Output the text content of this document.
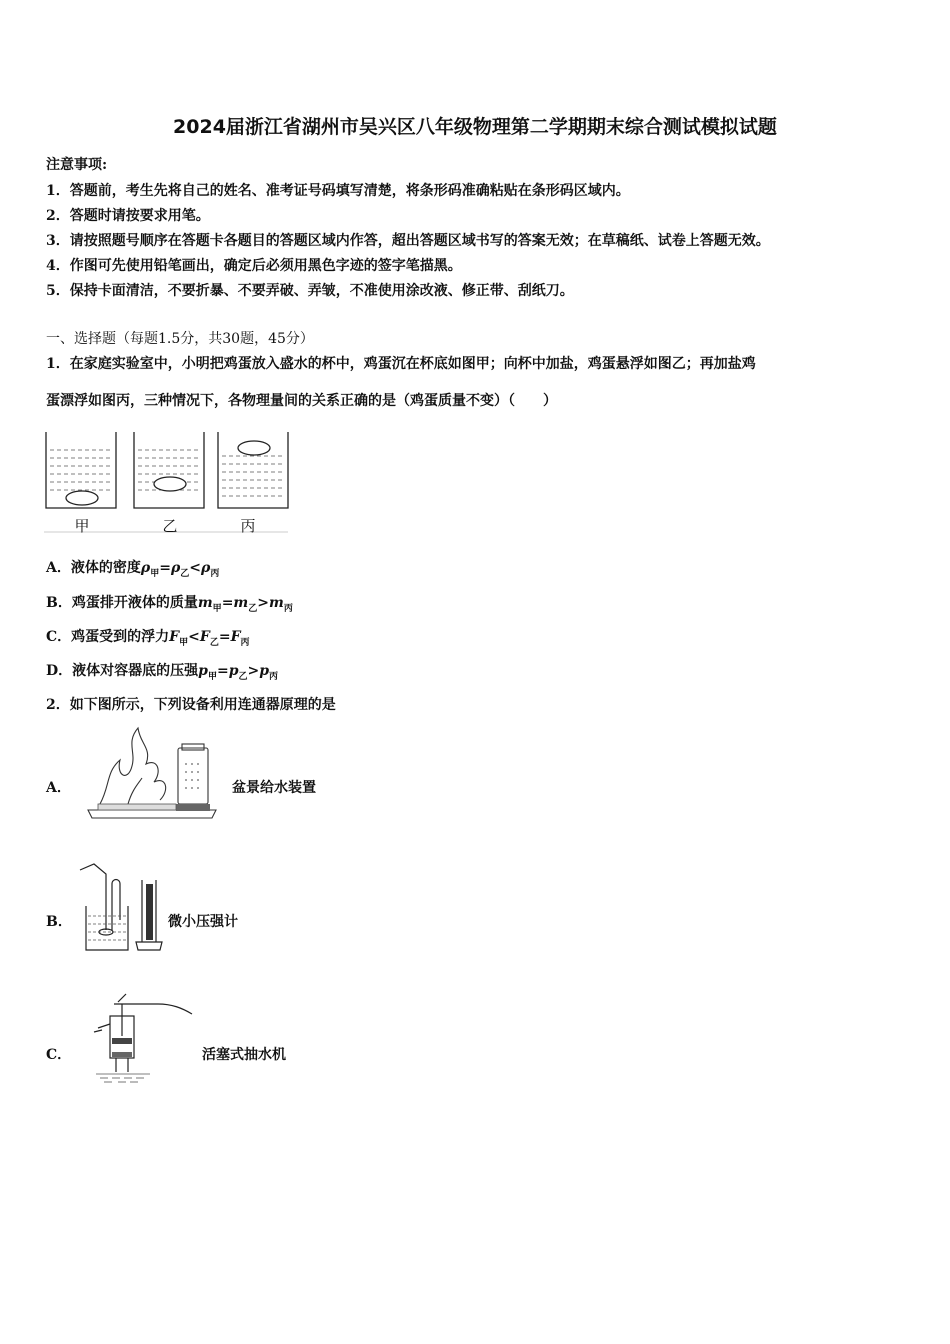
2024届浙江省湖州市吴兴区八年级物理第二学期期末综合测试模拟试题
注意事项:
1．答题前，考生先将自己的姓名、准考证号码填写清楚，将条形码准确粘贴在条形码区域内。
2．答题时请按要求用笔。
3．请按照题号顺序在答题卡各题目的答题区域内作答，超出答题区域书写的答案无效；在草稿纸、试卷上答题无效。
4．作图可先使用铅笔画出，确定后必须用黑色字迹的签字笔描黑。
5．保持卡面清洁，不要折暴、不要弄破、弄皱，不准使用涂改液、修正带、刮纸刀。
一、选择题（每题1.5分，共30题，45分）
1．在家庭实验室中，小明把鸡蛋放入盛水的杯中，鸡蛋沉在杯底如图甲；向杯中加盐，鸡蛋悬浮如图乙；再加盐鸡
蛋漂浮如图丙，三种情况下，各物理量间的关系正确的是（鸡蛋质量不变）（　　）
甲	乙	丙
A．液体的密度$\rho_甲=\rho_乙<\rho_丙$
B．鸡蛋排开液体的质量$m_甲=m_乙>m_丙$
C．鸡蛋受到的浮力$F_甲<F_乙=F_丙$
D．液体对容器底的压强$p_甲=p_乙>p_丙$
2．如下图所示，下列设备利用连通器原理的是
A．	盆景给水装置
B．	微小压强计
C．	活塞式抽水机
